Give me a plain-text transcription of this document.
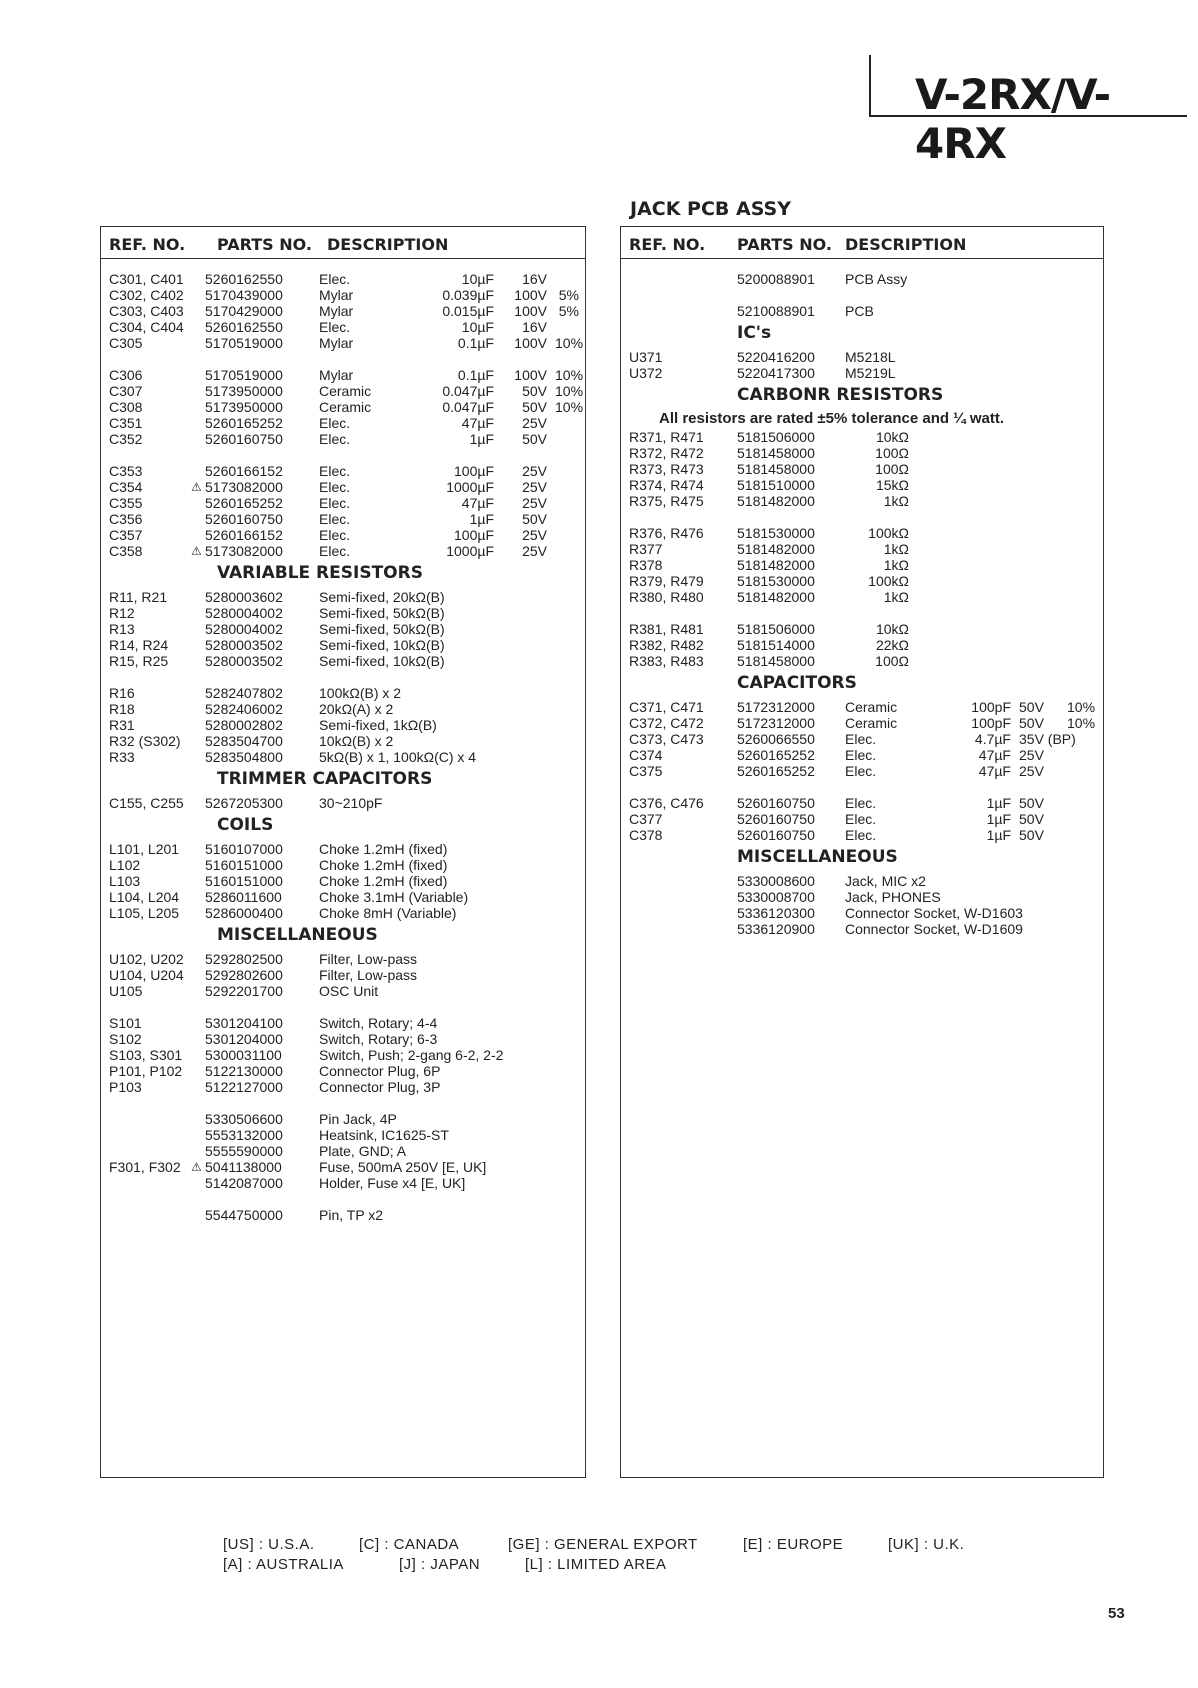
V-2RX/V-4RX
JACK PCB ASSY
REF. NO. PARTS NO. DESCRIPTION
C301, C401 5260162550	Elec.	10µF	16V
C302, C402 5170439000	Mylar	0.039µF	100V 5%
C303, C403 5170429000	Mylar	0.015µF	100V 5%
C304, C404 5260162550	Elec.	10µF	16V
C305	5170519000	Mylar	0.1µF	100V 10%
C306	5170519000	Mylar	0.1µF	100V 10%
C307	5173950000	Ceramic	0.047µF	50V 10%
C308	5173950000	Ceramic	0.047µF	50V 10%
C351	5260165252	Elec.	47µF	25V
C352	5260160750	Elec.	1µF	50V
C353	5260166152	Elec.	100µF	25V
C354	5173082000	Elec.	1000µF	25V
⚠
C355	5260165252	Elec.	47µF	25V
C356	5260160750	Elec.	1µF	50V
C357	5260166152	Elec.	100µF	25V
C358	5173082000	Elec.	1000µF	25V
⚠
VARIABLE RESISTORS
R11, R21	5280003602	Semi-fixed, 20kΩ(B)
R12	5280004002	Semi-fixed, 50kΩ(B)
R13	5280004002	Semi-fixed, 50kΩ(B)
R14, R24	5280003502	Semi-fixed, 10kΩ(B)
R15, R25	5280003502	Semi-fixed, 10kΩ(B)
R16	5282407802	100kΩ(B) x 2
R18	5282406002	20kΩ(A) x 2
R31	5280002802	Semi-fixed, 1kΩ(B)
R32 (S302) 5283504700	10kΩ(B) x 2
R33	5283504800	5kΩ(B) x 1, 100kΩ(C) x 4
TRIMMER CAPACITORS
C155, C255 5267205300	30~210pF
COILS
L101, L201 5160107000	Choke 1.2mH (fixed)
L102	5160151000	Choke 1.2mH (fixed)
L103	5160151000	Choke 1.2mH (fixed)
L104, L204 5286011600	Choke 3.1mH (Variable)
L105, L205 5286000400	Choke 8mH (Variable)
MISCELLANEOUS
U102, U202 5292802500	Filter, Low-pass
U104, U204 5292802600	Filter, Low-pass
U105	5292201700	OSC Unit
S101	5301204100	Switch, Rotary; 4-4
S102	5301204000	Switch, Rotary; 6-3
S103, S301 5300031100	Switch, Push; 2-gang 6-2, 2-2
P101, P102 5122130000	Connector Plug, 6P
P103	5122127000	Connector Plug, 3P
5330506600	Pin Jack, 4P
5553132000	Heatsink, IC1625-ST
5555590000	Plate, GND; A
F301, F302 5041138000	Fuse, 500mA 250V [E, UK]
⚠
5142087000	Holder, Fuse x4 [E, UK]
5544750000	Pin, TP x2
REF. NO. PARTS NO. DESCRIPTION
5200088901 PCB Assy
5210088901 PCB
IC's
U371	5220416200 M5218L
U372	5220417300 M5219L
CARBONR RESISTORS
All resistors are rated ±5% tolerance and ¼ watt.
R371, R471 5181506000	10kΩ
R372, R472 5181458000	100Ω
R373, R473 5181458000	100Ω
R374, R474 5181510000	15kΩ
R375, R475 5181482000	1kΩ
R376, R476 5181530000	100kΩ
R377	5181482000	1kΩ
R378	5181482000	1kΩ
R379, R479 5181530000	100kΩ
R380, R480 5181482000	1kΩ
R381, R481 5181506000	10kΩ
R382, R482 5181514000	22kΩ
R383, R483 5181458000	100Ω
CAPACITORS
C371, C471 5172312000 Ceramic	100pF 50V	10%
C372, C472 5172312000 Ceramic	100pF 50V	10%
C373, C473 5260066550 Elec.	4.7µF 35V (BP)
C374	5260165252 Elec.	47µF 25V
C375	5260165252 Elec.	47µF 25V
C376, C476 5260160750 Elec.	1µF 50V
C377	5260160750 Elec.	1µF 50V
C378	5260160750 Elec.	1µF 50V
MISCELLANEOUS
5330008600 Jack, MIC x2
5330008700 Jack, PHONES
5336120300 Connector Socket, W-D1603
5336120900 Connector Socket, W-D1609
[US] : U.S.A.	[C] : CANADA	[GE] : GENERAL EXPORT	[E] : EUROPE	[UK] : U.K.
[A] : AUSTRALIA	[J] : JAPAN	[L] : LIMITED AREA
53
